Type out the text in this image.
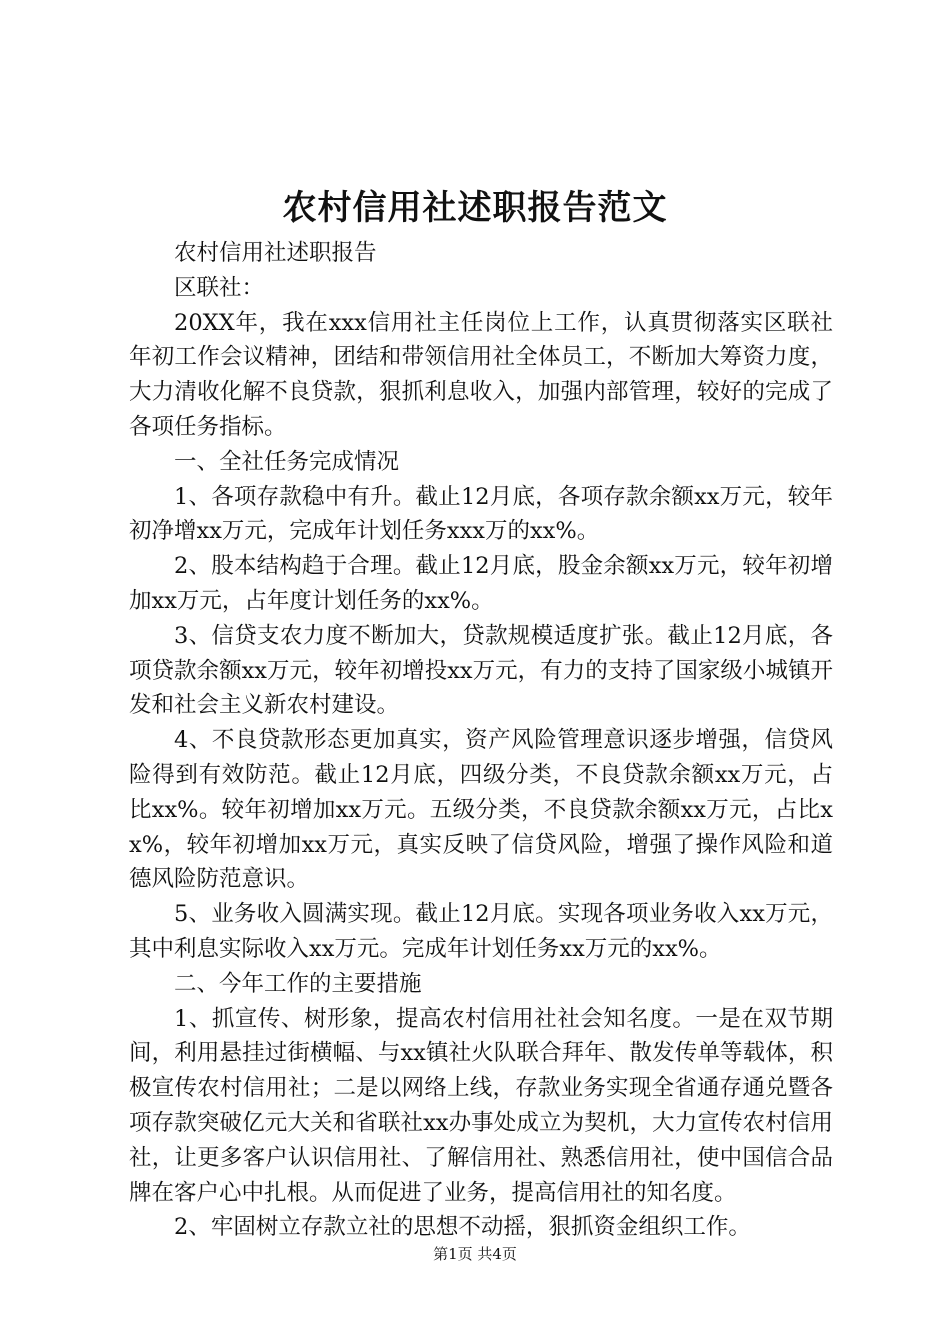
农村信用社述职报告范文

农村信用社述职报告

区联社：

20XX年，我在xxx信用社主任岗位上工作，认真贯彻落实区联社年初工作会议精神，团结和带领信用社全体员工，不断加大筹资力度，大力清收化解不良贷款，狠抓利息收入，加强内部管理，较好的完成了各项任务指标。

一、全社任务完成情况

1、各项存款稳中有升。截止12月底，各项存款余额xx万元，较年初净增xx万元，完成年计划任务xxx万的xx%。

2、股本结构趋于合理。截止12月底，股金余额xx万元，较年初增加xx万元，占年度计划任务的xx%。

3、信贷支农力度不断加大，贷款规模适度扩张。截止12月底，各项贷款余额xx万元，较年初增投xx万元，有力的支持了国家级小城镇开发和社会主义新农村建设。

4、不良贷款形态更加真实，资产风险管理意识逐步增强，信贷风险得到有效防范。截止12月底，四级分类，不良贷款余额xx万元，占比xx%。较年初增加xx万元。五级分类，不良贷款余额xx万元，占比xx%，较年初增加xx万元，真实反映了信贷风险，增强了操作风险和道德风险防范意识。

5、业务收入圆满实现。截止12月底。实现各项业务收入xx万元，其中利息实际收入xx万元。完成年计划任务xx万元的xx%。

二、今年工作的主要措施

1、抓宣传、树形象，提高农村信用社社会知名度。一是在双节期间，利用悬挂过街横幅、与xx镇社火队联合拜年、散发传单等载体，积极宣传农村信用社；二是以网络上线，存款业务实现全省通存通兑暨各项存款突破亿元大关和省联社xx办事处成立为契机，大力宣传农村信用社，让更多客户认识信用社、了解信用社、熟悉信用社，使中国信合品牌在客户心中扎根。从而促进了业务，提高信用社的知名度。

2、牢固树立存款立社的思想不动摇，狠抓资金组织工作。

第1页 共4页
